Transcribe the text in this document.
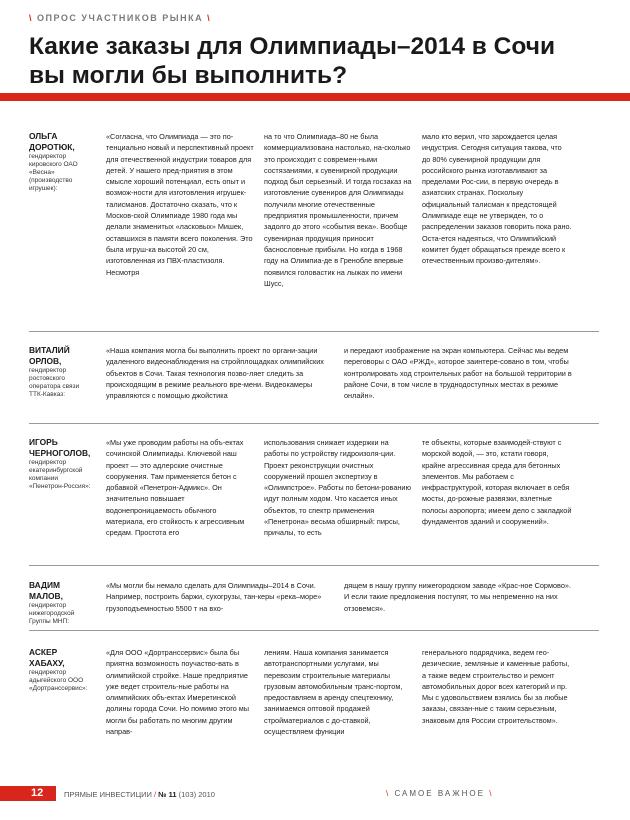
\ ОПРОС УЧАСТНИКОВ РЫНКА \
Какие заказы для Олимпиады–2014 в Сочи
вы могли бы выполнить?
ОЛЬГА ДОРОТЮК,
гендиректор кировского ОАО «Весна» (производство игрушек):
«Согласна, что Олимпиада — это по-тенциально новый и перспективный проект для отечественной индустрии товаров для детей. У нашего пред-приятия в этом смысле хороший потенциал, есть опыт и возмож-ности для изготовления игрушек-талисманов. Достаточно сказать, что к Москов-ской Олимпиаде 1980 года мы делали знаменитых «ласковых» Мишек, оставшихся в памяти всего поколения. Это была игруш-ка высотой 20 см, изготовленная из ПВХ-пластизоля. Несмотря
на то что Олимпиада–80 не была коммерциализована настолько, на-сколько это происходит с современ-ными состязаниями, к сувенирной продукции подход был серьезный. И тогда госзаказ на изготовление сувениров для Олимпиады получили многие отечественные предприятия промышленности, причем задолго до этого «события века». Вообще сувенирная продукция приносит баснословные прибыли. Но когда в 1968 году на Олимпиа-де в Гренобле впервые появился головастик на лыжах по имени Шусс,
мало кто верил, что зарождается целая индустрия. Сегодня ситуация такова, что до 80% сувенирной продукции для российского рынка изготавливают за пределами Рос-сии, в первую очередь в азиатских странах. Поскольку официальный талисман к предстоящей Олимпиаде еще не утвержден, то о распределении заказов говорить пока рано. Оста-ется надеяться, что Олимпийский комитет будет обращаться прежде всего к отечественным произво-дителям».
ВИТАЛИЙ ОРЛОВ,
гендиректор ростовского оператора связи ТТК-Кавказ:
«Наша компания могла бы выполнить проект по органи-зации удаленного видеонаблюдения на стройплощадках олимпийских объектов в Сочи. Такая технология позво-ляет следить за происходящим в режиме реального вре-мени. Видеокамеры управляются с помощью джойстика
и передают изображение на экран компьютера. Сейчас мы ведем переговоры с ОАО «РЖД», которое заинтере-совано в том, чтобы контролировать ход строительных работ на большой территории в районе Сочи, в том числе в труднодоступных местах в режиме онлайн».
ИГОРЬ ЧЕРНОГОЛОВ,
гендиректор екатеринбургской компании «Пенетрон-Россия»:
«Мы уже проводим работы на объ-ектах сочинской Олимпиады. Ключевой наш проект — это адлерские очистные сооружения. Там применяется бетон с добавкой «Пенетрон-Адмикс». Он значительно повышает водонепроницаемость обычного материала, его стойкость к агрессивным средам. Простота его
использования снижает издержки на работы по устройству гидроизоля-ции. Проект реконструкции очистных сооружений прошел экспертизу в «Олимпстрое». Работы по бетони-рованию идут полным ходом. Что касается иных объектов, то спектр применения «Пенетрона» весьма обширный: пирсы, причалы, то есть
те объекты, которые взаимодей-ствуют с морской водой, — это, кстати говоря, крайне агрессивная среда для бетонных элементов. Мы работаем с инфраструктурой, которая включает в себя мосты, до-рожные развязки, взлетные полосы аэропорта; имеем дело с закладкой фундаментов зданий и сооружений».
ВАДИМ МАЛОВ,
гендиректор нижегородской Группы МНП:
«Мы могли бы немало сделать для Олимпиады–2014 в Сочи. Например, построить баржи, сухогрузы, тан-керы «река–море» грузоподъемностью 5500 т на вхо-
дящем в нашу группу нижегородском заводе «Крас-ное Сормово». И если такие предложения поступят, то мы непременно на них отзовемся».
АСКЕР ХАБАХУ,
гендиректор адыгейского ООО «Дортранссервис»:
«Для ООО «Дортранссервис» была бы приятна возможность поучаство-вать в олимпийской стройке. Наше предприятие уже ведет строитель-ные работы на олимпийских объ-ектах Имеретинской долины города Сочи. Но помимо этого мы могли бы работать по многим другим направ-
лениям. Наша компания занимается автотранспортными услугами, мы перевозим строительные материалы грузовым автомобильным транс-портом, предоставляем в аренду спецтехнику, занимаемся оптовой продажей стройматериалов с до-ставкой, осуществляем функции
генерального подрядчика, ведем гео-дезические, земляные и каменные работы, а также ведем строительство и ремонт автомобильных дорог всех категорий и пр. Мы с удовольствием взялись бы за любые заказы, связан-ные с таким серьезным, знаковым для России строительством».
12	ПРЯМЫЕ ИНВЕСТИЦИИ / № 11 (103) 2010	\ САМОЕ ВАЖНОЕ \
